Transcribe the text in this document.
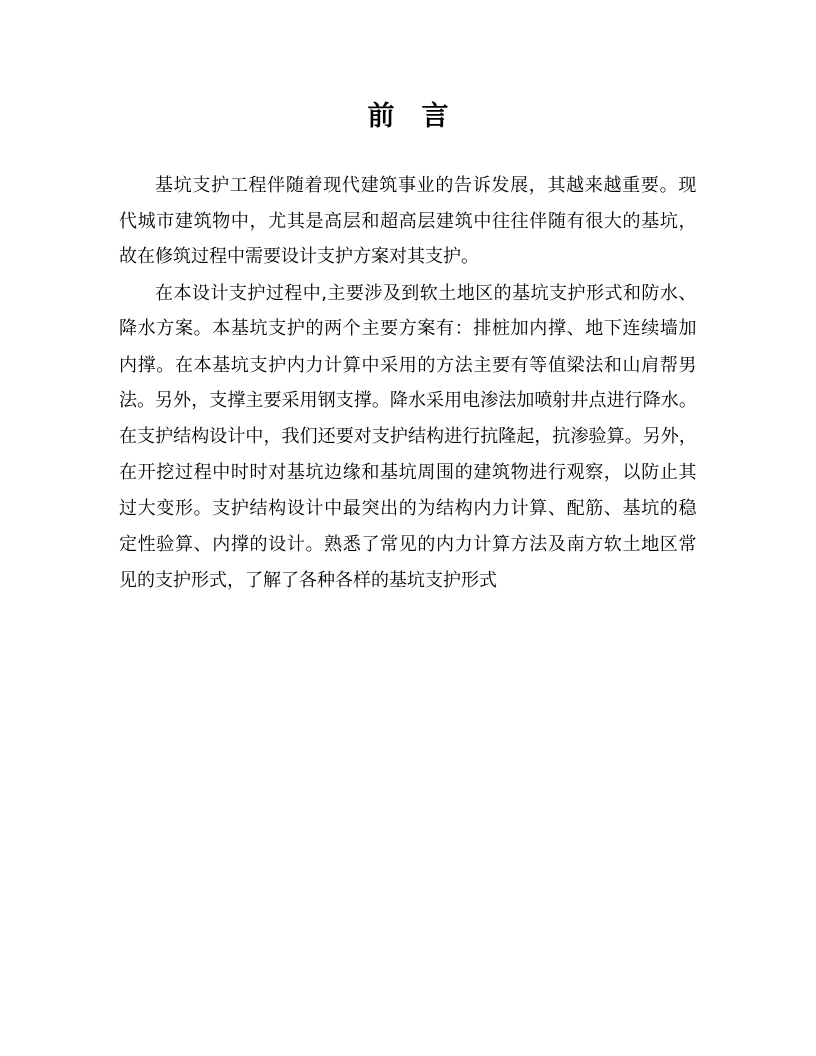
前　言
基坑支护工程伴随着现代建筑事业的告诉发展，其越来越重要。现
代城市建筑物中，尤其是高层和超高层建筑中往往伴随有很大的基坑，
故在修筑过程中需要设计支护方案对其支护。
在本设计支护过程中,主要涉及到软土地区的基坑支护形式和防水、
降水方案。本基坑支护的两个主要方案有：排桩加内撑、地下连续墙加
内撑。在本基坑支护内力计算中采用的方法主要有等值梁法和山肩帮男
法。另外，支撑主要采用钢支撑。降水采用电渗法加喷射井点进行降水。
在支护结构设计中，我们还要对支护结构进行抗隆起，抗渗验算。另外，
在开挖过程中时时对基坑边缘和基坑周围的建筑物进行观察，以防止其
过大变形。支护结构设计中最突出的为结构内力计算、配筋、基坑的稳
定性验算、内撑的设计。熟悉了常见的内力计算方法及南方软土地区常
见的支护形式，了解了各种各样的基坑支护形式
